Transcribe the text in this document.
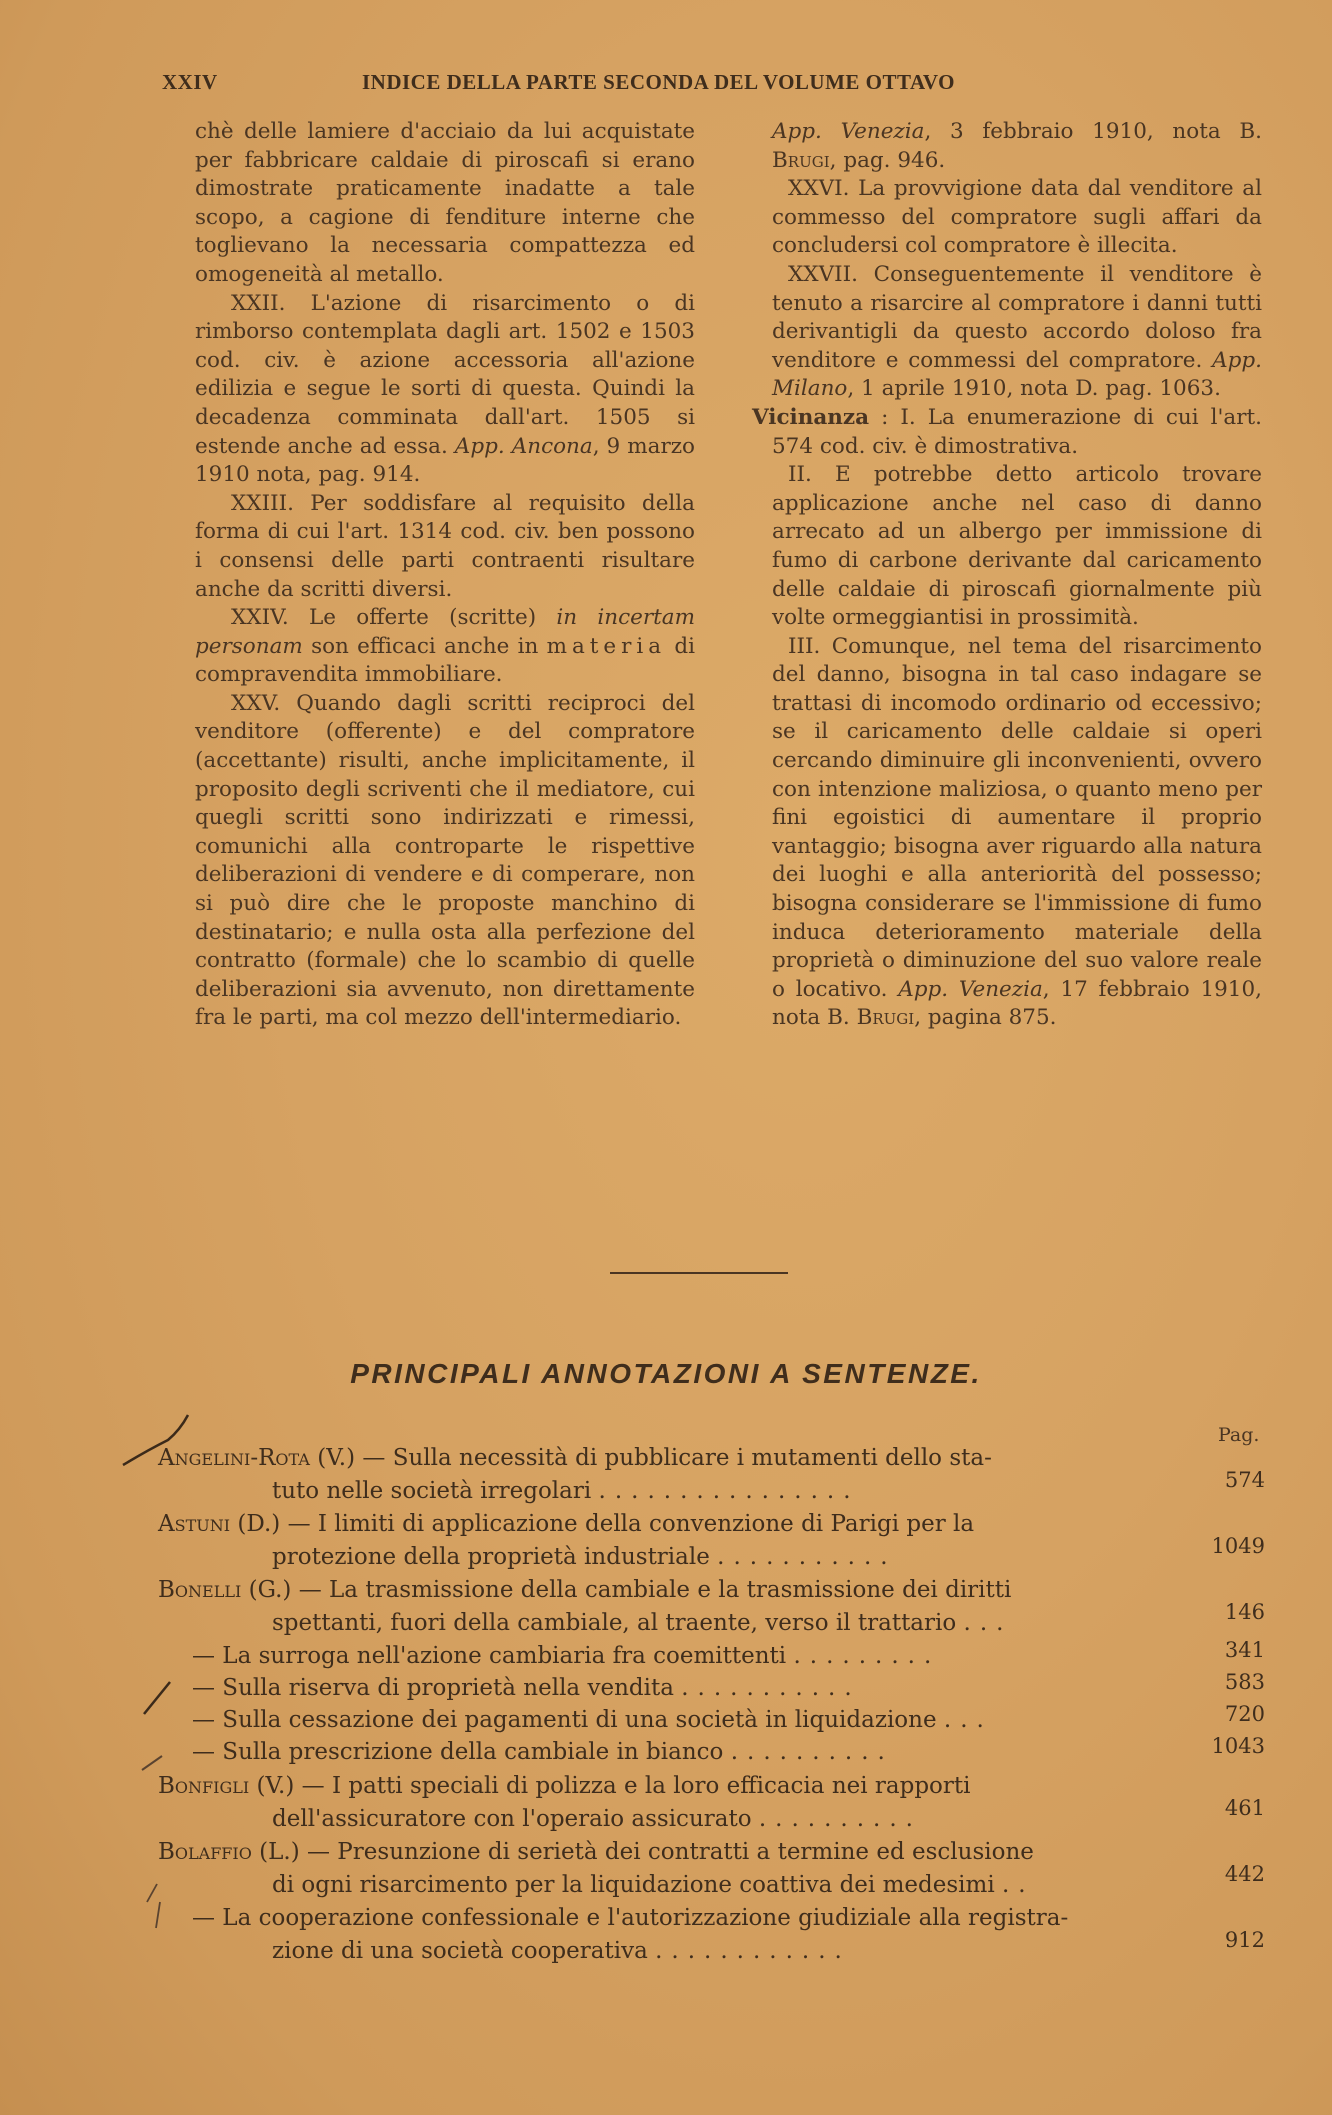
XXIV	INDICE DELLA PARTE SECONDA DEL VOLUME OTTAVO

chè delle lamiere d'acciaio da lui acquistate per fabbricare caldaie di piroscafi si erano dimostrate praticamente inadatte a tale scopo, a cagione di fenditure interne che toglievano la necessaria compattezza ed omogeneità al metallo.

XXII. L'azione di risarcimento o di rimborso contemplata dagli art. 1502 e 1503 cod. civ. è azione accessoria all'azione edilizia e segue le sorti di questa. Quindi la decadenza comminata dall'art. 1505 si estende anche ad essa. App. Ancona, 9 marzo 1910 nota, pag. 914.

XXIII. Per soddisfare al requisito della forma di cui l'art. 1314 cod. civ. ben possono i consensi delle parti contraenti risultare anche da scritti diversi.

XXIV. Le offerte (scritte) in incertam personam son efficaci anche in materia di compravendita immobiliare.

XXV. Quando dagli scritti reciproci del venditore (offerente) e del compratore (accettante) risulti, anche implicitamente, il proposito degli scriventi che il mediatore, cui quegli scritti sono indirizzati e rimessi, comunichi alla controparte le rispettive deliberazioni di vendere e di comperare, non si può dire che le proposte manchino di destinatario; e nulla osta alla perfezione del contratto (formale) che lo scambio di quelle deliberazioni sia avvenuto, non direttamente fra le parti, ma col mezzo dell'intermediario.

App. Venezia, 3 febbraio 1910, nota B. Brugi, pag. 946.

XXVI. La provvigione data dal venditore al commesso del compratore sugli affari da concludersi col compratore è illecita.

XXVII. Conseguentemente il venditore è tenuto a risarcire al compratore i danni tutti derivantigli da questo accordo doloso fra venditore e commessi del compratore. App. Milano, 1 aprile 1910, nota D. pag. 1063.

Vicinanza : I. La enumerazione di cui l'art. 574 cod. civ. è dimostrativa.

II. E potrebbe detto articolo trovare applicazione anche nel caso di danno arrecato ad un albergo per immissione di fumo di carbone derivante dal caricamento delle caldaie di piroscafi giornalmente più volte ormeggiantisi in prossimità.

III. Comunque, nel tema del risarcimento del danno, bisogna in tal caso indagare se trattasi di incomodo ordinario od eccessivo; se il caricamento delle caldaie si operi cercando diminuire gli inconvenienti, ovvero con intenzione maliziosa, o quanto meno per fini egoistici di aumentare il proprio vantaggio; bisogna aver riguardo alla natura dei luoghi e alla anteriorità del possesso; bisogna considerare se l'immissione di fumo induca deterioramento materiale della proprietà o diminuzione del suo valore reale o locativo. App. Venezia, 17 febbraio 1910, nota B. Brugi, pagina 875.

PRINCIPALI ANNOTAZIONI A SENTENZE.
Pag.
Angelini-Rota (V.) — Sulla necessità di pubblicare i mutamenti dello sta-
tuto nelle società irregolari ................	574
Astuni (D.) — I limiti di applicazione della convenzione di Parigi per la
protezione della proprietà industriale ...........	1049
Bonelli (G.) — La trasmissione della cambiale e la trasmissione dei diritti
spettanti, fuori della cambiale, al traente, verso il trattario ...	146
— La surroga nell'azione cambiaria fra coemittenti .........	341
— Sulla riserva di proprietà nella vendita ...........	583
— Sulla cessazione dei pagamenti di una società in liquidazione ...	720
— Sulla prescrizione della cambiale in bianco ..........	1043
Bonfigli (V.) — I patti speciali di polizza e la loro efficacia nei rapporti
dell'assicuratore con l'operaio assicurato ..........	461
Bolaffio (L.) — Presunzione di serietà dei contratti a termine ed esclusione
di ogni risarcimento per la liquidazione coattiva dei medesimi ..	442
— La cooperazione confessionale e l'autorizzazione giudiziale alla registra-
zione di una società cooperativa ............	912
